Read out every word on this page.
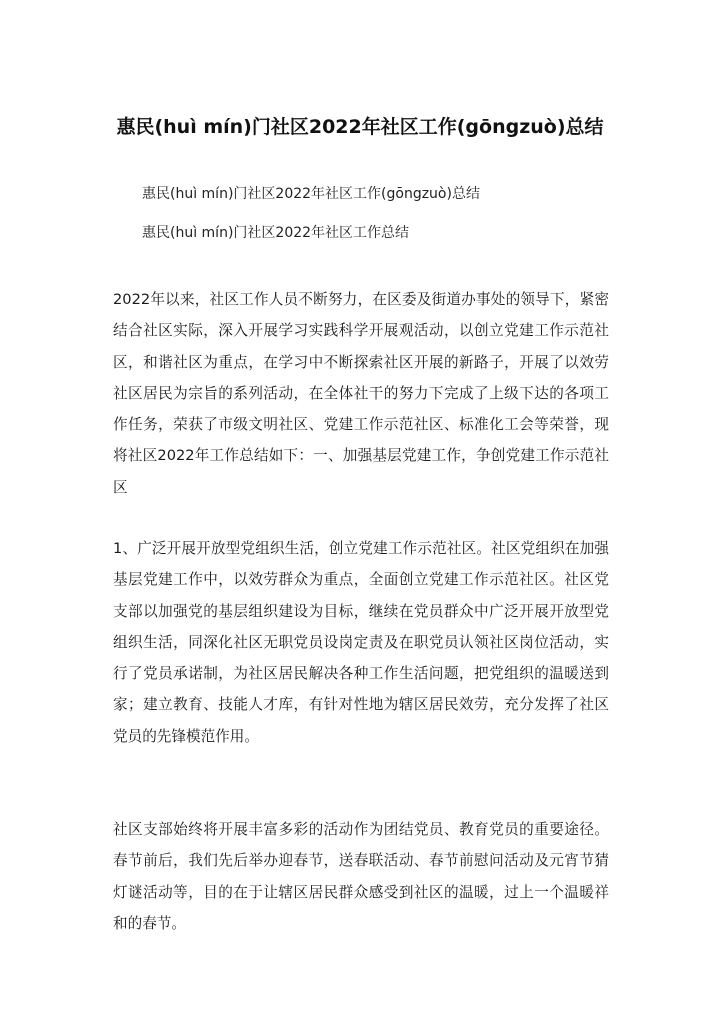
惠民(huì mín)门社区2022年社区工作(gōngzuò)总结
惠民(huì mín)门社区2022年社区工作(gōngzuò)总结
惠民(huì mín)门社区2022年社区工作总结

2022年以来，社区工作人员不断努力，在区委及街道办事处的领导下，紧密结合社区实际，深入开展学习实践科学开展观活动，以创立党建工作示范社区，和谐社区为重点，在学习中不断探索社区开展的新路子，开展了以效劳社区居民为宗旨的系列活动，在全体社干的努力下完成了上级下达的各项工作任务，荣获了市级文明社区、党建工作示范社区、标准化工会等荣誉，现将社区2022年工作总结如下：一、加强基层党建工作，争创党建工作示范社区

1、广泛开展开放型党组织生活，创立党建工作示范社区。社区党组织在加强基层党建工作中，以效劳群众为重点，全面创立党建工作示范社区。社区党支部以加强党的基层组织建设为目标，继续在党员群众中广泛开展开放型党组织生活，同深化社区无职党员设岗定责及在职党员认领社区岗位活动，实行了党员承诺制，为社区居民解决各种工作生活问题，把党组织的温暖送到家；建立教育、技能人才库，有针对性地为辖区居民效劳，充分发挥了社区党员的先锋模范作用。

社区支部始终将开展丰富多彩的活动作为团结党员、教育党员的重要途径。春节前后，我们先后举办迎春节，送春联活动、春节前慰问活动及元宵节猜灯谜活动等，目的在于让辖区居民群众感受到社区的温暖，过上一个温暖祥和的春节。
